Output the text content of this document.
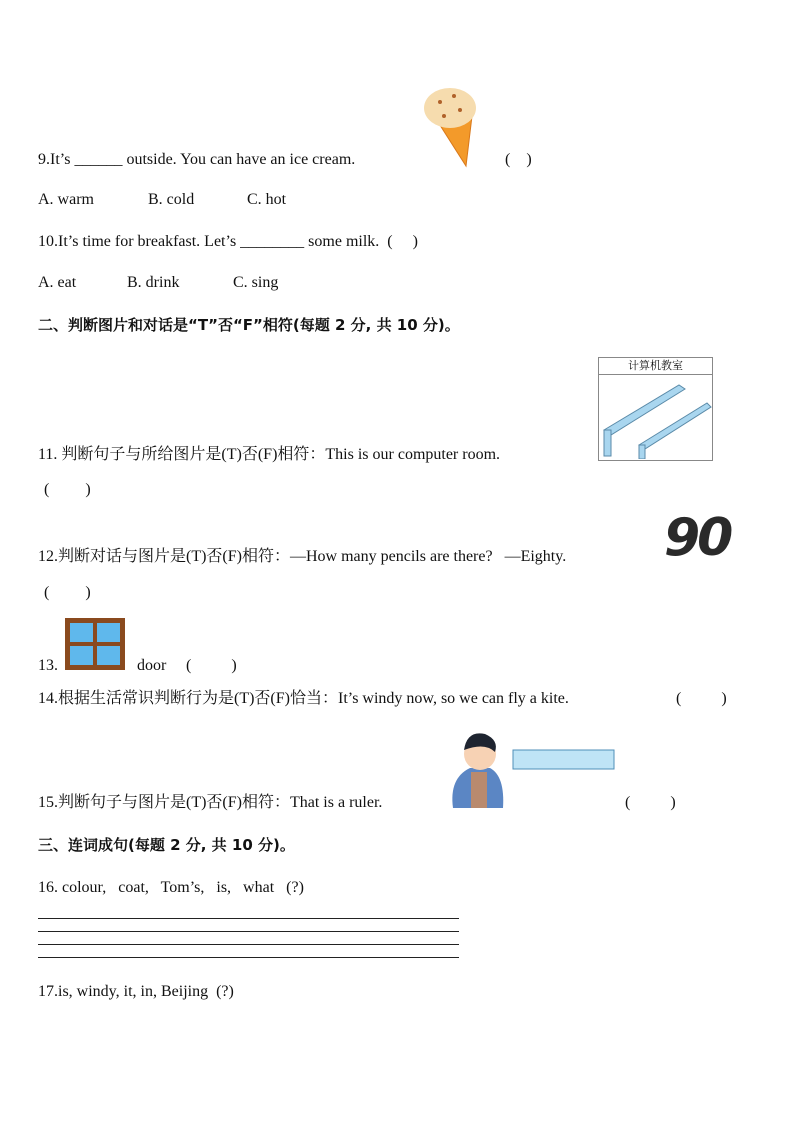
9.It’s ______ outside. You can have an ice cream.	(    )
A. warm	B. cold	C. hot
10.It’s time for breakfast. Let’s ________ some milk.  (     )
A. eat	B. drink	C. sing
二、判断图片和对话是“T”否“F”相符(每题 2 分, 共 10 分)。
11. 判断句子与所给图片是(T)否(F)相符：This is our computer room.
计算机教室
(         )
12.判断对话与图片是(T)否(F)相符：—How many pencils are there?   —Eighty. 90
(         )
13.	door (          )
14.根据生活常识判断行为是(T)否(F)恰当：It’s windy now, so we can fly a kite.	(          )
15.判断句子与图片是(T)否(F)相符：That is a ruler.	(          )
三、连词成句(每题 2 分, 共 10 分)。
16. colour,   coat,   Tom’s,   is,   what   (?)
17.is, windy, it, in, Beijing  (?)
